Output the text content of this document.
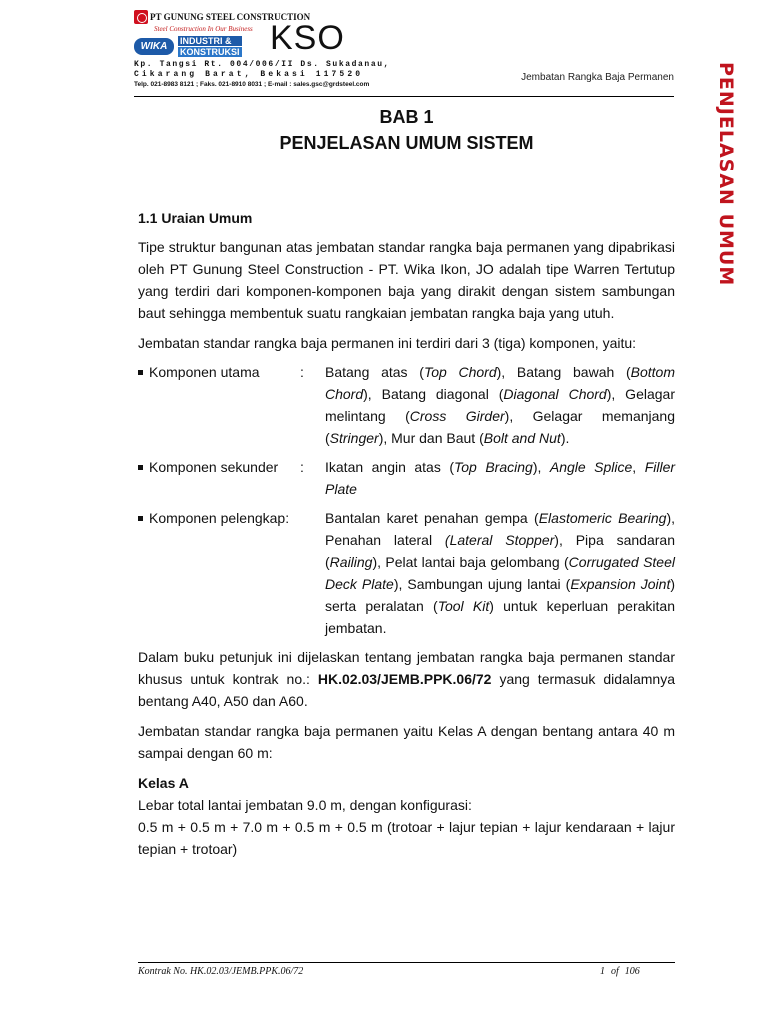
PT GUNUNG STEEL CONSTRUCTION
Steel Construction In Our Business
WIKA	INDUSTRI &
KONSTRUKSI KSO
Kp. Tangsi Rt. 004/006/II Ds. Sukadanau,
Cikarang Barat, Bekasi 117520
Telp. 021-8983 8121 ; Faks. 021-8910 8031 ; E-mail : sales.gsc@grdsteel.com
Jembatan Rangka Baja Permanen PENJELASAN UMUM
BAB 1
PENJELASAN UMUM SISTEM
1.1 Uraian Umum

Tipe struktur bangunan atas jembatan standar rangka baja permanen yang dipabrikasi oleh PT Gunung Steel Construction - PT. Wika Ikon, JO adalah tipe Warren Tertutup yang terdiri dari komponen-komponen baja yang dirakit dengan sistem sambungan baut sehingga membentuk suatu rangkaian jembatan rangka baja yang utuh.

Jembatan standar rangka baja permanen ini terdiri dari 3 (tiga) komponen, yaitu:

Komponen utama	: Batang atas (Top Chord), Batang bawah (Bottom Chord), Batang diagonal (Diagonal Chord), Gelagar melintang (Cross Girder), Gelagar memanjang (Stringer), Mur dan Baut (Bolt and Nut).
Komponen sekunder : Ikatan angin atas (Top Bracing), Angle Splice, Filler Plate
Komponen pelengkap:	Bantalan karet penahan gempa (Elastomeric Bearing), Penahan lateral (Lateral Stopper), Pipa sandaran (Railing), Pelat lantai baja gelombang (Corrugated Steel Deck Plate), Sambungan ujung lantai (Expansion Joint) serta peralatan (Tool Kit) untuk keperluan perakitan jembatan.

Dalam buku petunjuk ini dijelaskan tentang jembatan rangka baja permanen standar khusus untuk kontrak no.: HK.02.03/JEMB.PPK.06/72 yang termasuk didalamnya bentang A40, A50 dan A60.

Jembatan standar rangka baja permanen yaitu Kelas A dengan bentang antara 40 m sampai dengan 60 m:

Kelas A
Lebar total lantai jembatan 9.0 m, dengan konfigurasi:
0.5 m + 0.5 m + 7.0 m + 0.5 m + 0.5 m (trotoar + lajur tepian + lajur kendaraan + lajur tepian + trotoar)
Kontrak No. HK.02.03/JEMB.PPK.06/72	1 of 106
